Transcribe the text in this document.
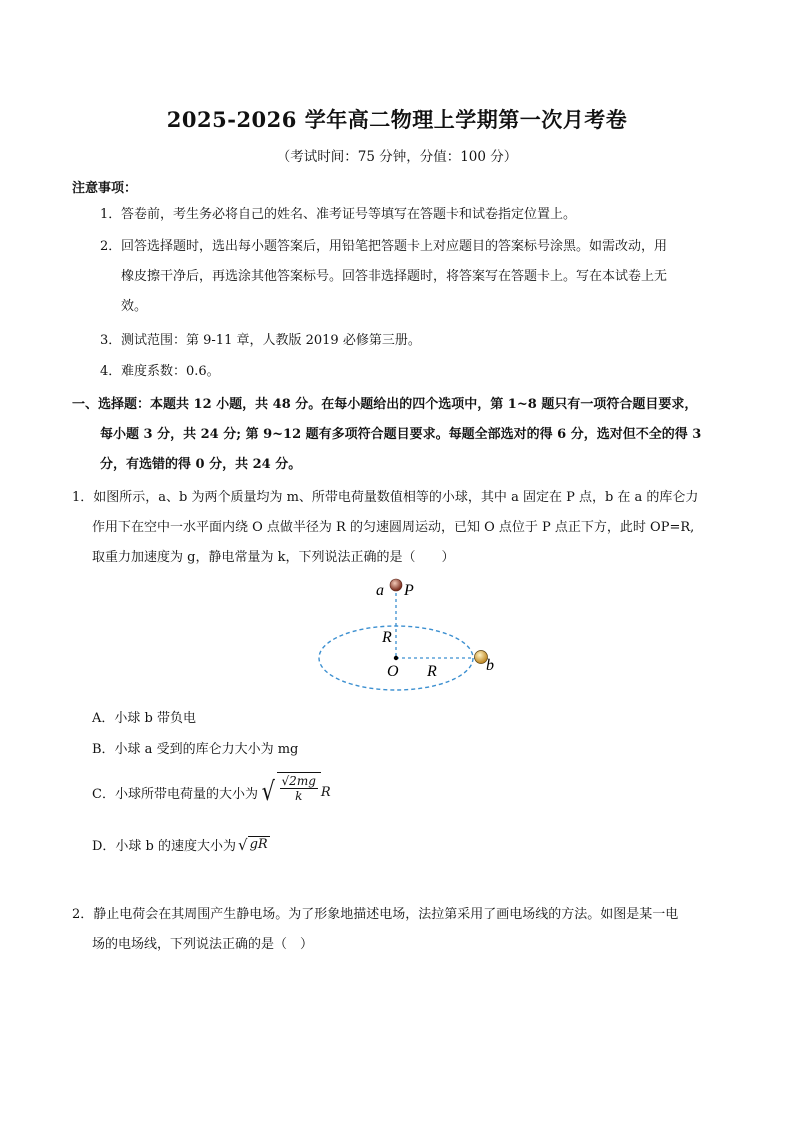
2025-2026 学年高二物理上学期第一次月考卷
（考试时间：75 分钟，分值：100 分）
注意事项：
1．答卷前，考生务必将自己的姓名、准考证号等填写在答题卡和试卷指定位置上。
2．回答选择题时，选出每小题答案后，用铅笔把答题卡上对应题目的答案标号涂黑。如需改动，用
橡皮擦干净后，再选涂其他答案标号。回答非选择题时，将答案写在答题卡上。写在本试卷上无
效。
3．测试范围：第 9-11 章，人教版 2019 必修第三册。
4．难度系数：0.6。
一、选择题：本题共 12 小题，共 48 分。在每小题给出的四个选项中，第 1~8 题只有一项符合题目要求，
每小题 3 分，共 24 分; 第 9~12 题有多项符合题目要求。每题全部选对的得 6 分，选对但不全的得 3
分，有选错的得 0 分，共 24 分。
1．如图所示，a、b 为两个质量均为 m、所带电荷量数值相等的小球，其中 a 固定在 P 点，b 在 a 的库仑力
作用下在空中一水平面内绕 O 点做半径为 R 的匀速圆周运动，已知 O 点位于 P 点正下方，此时 OP=R,
取重力加速度为 g，静电常量为 k，下列说法正确的是（　　）
a P
R
O R	b
A．小球 b 带负电
B．小球 a 受到的库仑力大小为 mg
C．小球所带电荷量的大小为 √ $\frac{√2mg}{k}$ R
D．小球 b 的速度大小为 √ gR
2．静止电荷会在其周围产生静电场。为了形象地描述电场，法拉第采用了画电场线的方法。如图是某一电
场的电场线，下列说法正确的是（　）
